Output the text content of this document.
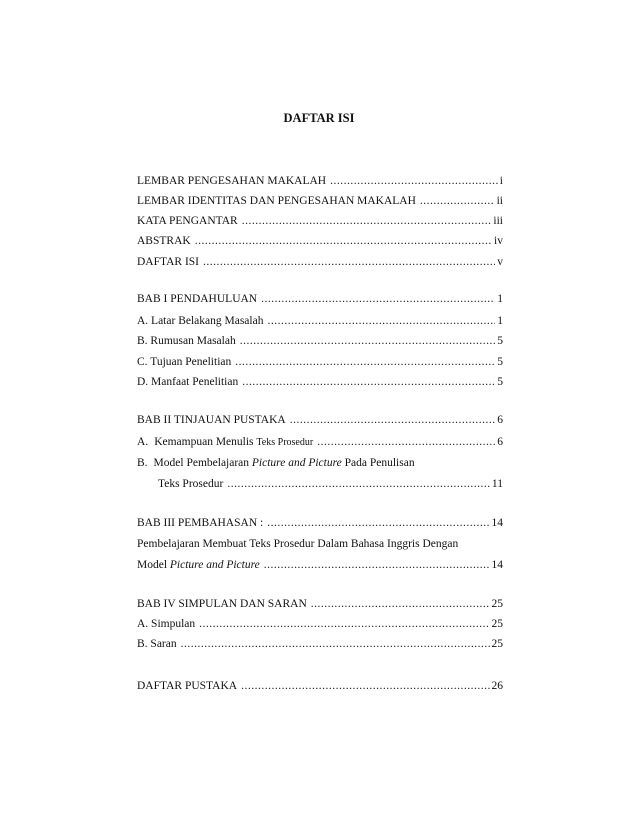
DAFTAR ISI
LEMBAR PENGESAHAN MAKALAH .....	i
LEMBAR IDENTITAS DAN PENGESAHAN MAKALAH .....	ii
KATA PENGANTAR .....	iii
ABSTRAK .....	iv
DAFTAR ISI .....	v
BAB I PENDAHULUAN .....	1
A. Latar Belakang Masalah .....	1
B. Rumusan Masalah .....	5
C. Tujuan Penelitian .....	5
D. Manfaat Penelitian .....	5
BAB II TINJAUAN PUSTAKA .....	6
A. Kemampuan Menulis Teks Prosedur .....	6
B. Model Pembelajaran Picture and Picture Pada Penulisan
Teks Prosedur .....	11
BAB III PEMBAHASAN : .....	14
Pembelajaran Membuat Teks Prosedur Dalam Bahasa Inggris Dengan
Model Picture and Picture .....	14
BAB IV SIMPULAN DAN SARAN .....	25
A. Simpulan .....	25
B. Saran .....	25
DAFTAR PUSTAKA .....	26
